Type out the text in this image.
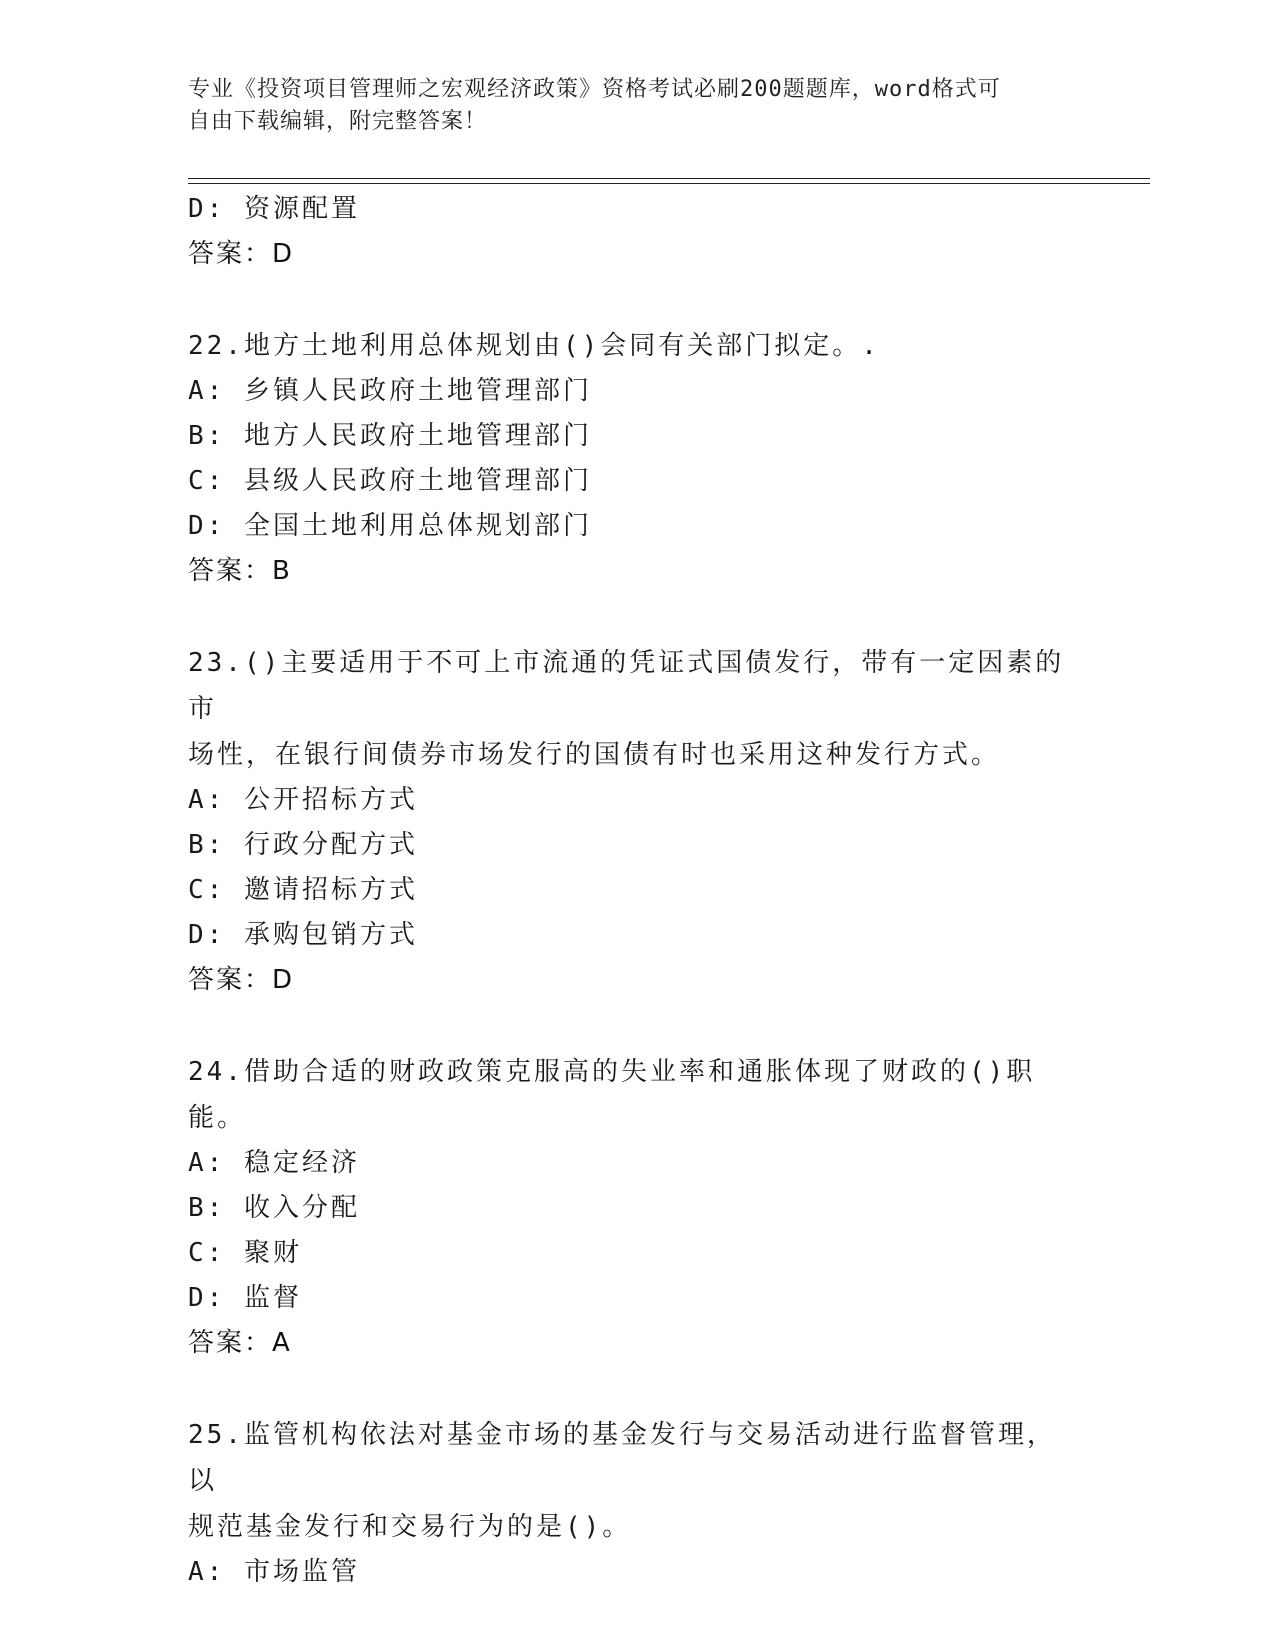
专业《投资项目管理师之宏观经济政策》资格考试必刷200题题库，word格式可
自由下载编辑，附完整答案！
D: 资源配置
答案：D
22.地方土地利用总体规划由()会同有关部门拟定。.
A: 乡镇人民政府土地管理部门
B: 地方人民政府土地管理部门
C: 县级人民政府土地管理部门
D: 全国土地利用总体规划部门
答案：B
23.()主要适用于不可上市流通的凭证式国债发行，带有一定因素的市
场性，在银行间债券市场发行的国债有时也采用这种发行方式。
A: 公开招标方式
B: 行政分配方式
C: 邀请招标方式
D: 承购包销方式
答案：D
24.借助合适的财政政策克服高的失业率和通胀体现了财政的()职能。
A: 稳定经济
B: 收入分配
C: 聚财
D: 监督
答案：A
25.监管机构依法对基金市场的基金发行与交易活动进行监督管理，以
规范基金发行和交易行为的是()。
A: 市场监管
